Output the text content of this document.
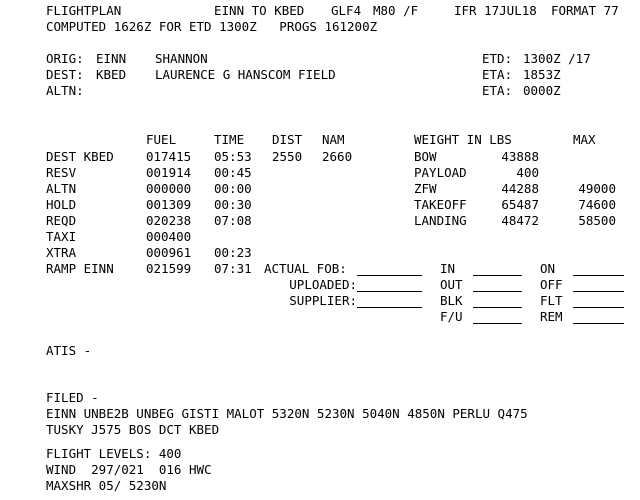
FLIGHTPLAN	EINN TO KBED GLF4 M80 /F	IFR 17JUL18 FORMAT 77
COMPUTED 1626Z FOR ETD 1300Z   PROGS 161200Z
ORIG: EINN SHANNON
DEST: KBED LAURENCE G HANSCOM FIELD
ALTN:
ETD: 1300Z /17
ETA: 1853Z
ETA: 0000Z
FUEL	TIME DIST NAM
DEST KBED	017415 05:53 2550 2660
RESV	001914 00:45
ALTN	000000 00:00
HOLD	001309 00:30
REQD	020238 07:08
TAXI	000400
XTRA	000961 00:23
RAMP EINN	021599 07:31
WEIGHT IN LBS	MAX
BOW	43888
PAYLOAD	400
ZFW	44288	49000
TAKEOFF	65487	74600
LANDING	48472	58500
ACTUAL FOB:
UPLOADED:
SUPPLIER:
IN
OUT
BLK
F/U
ON
OFF
FLT
REM
ATIS -
FILED -
EINN UNBE2B UNBEG GISTI MALOT 5320N 5230N 5040N 4850N PERLU Q475
TUSKY J575 BOS DCT KBED
FLIGHT LEVELS: 400
WIND  297/021  016 HWC
MAXSHR 05/ 5230N
